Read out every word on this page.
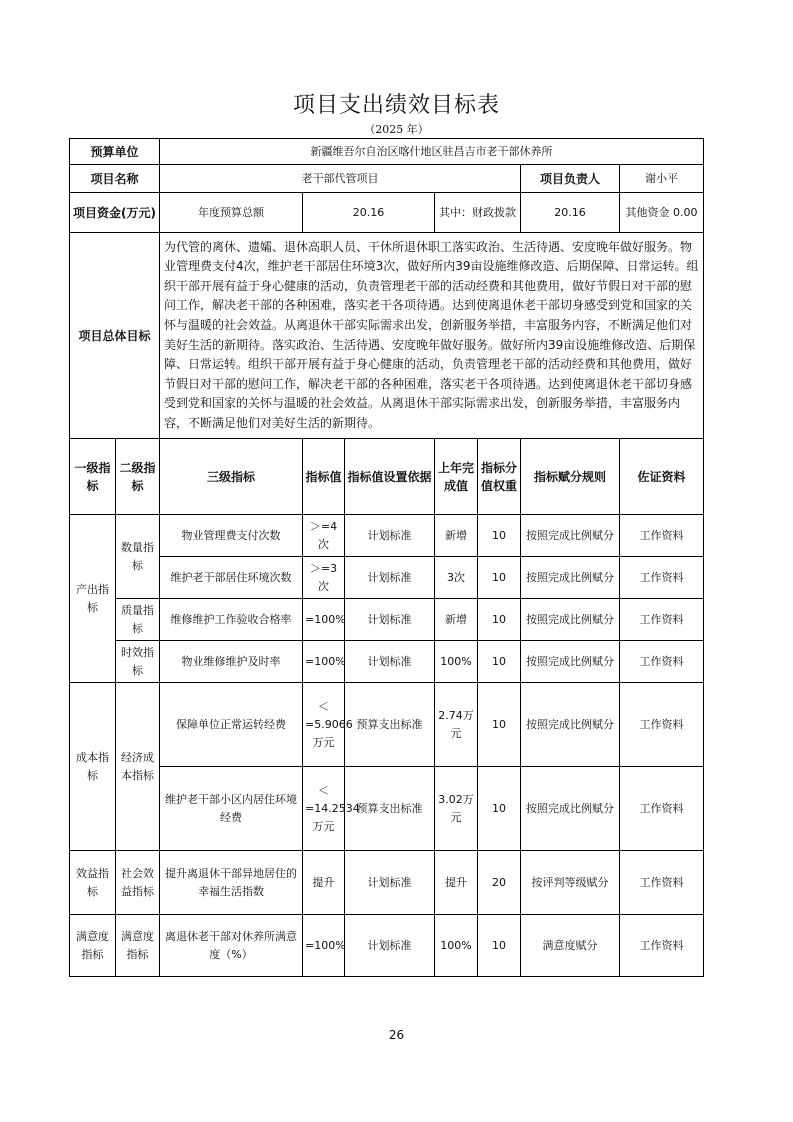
项目支出绩效目标表
（2025 年）
预算单位		新疆维吾尔自治区喀什地区驻昌吉市老干部休养所						
项目名称		老干部代管项目					项目负责人	谢小平
项目资金(万元)		年度预算总额	20.16		其中：财政拨款		20.16	其他资金 0.00
项目总体目标		为代管的离休、遗孀、退休高职人员、干休所退休职工落实政治、生活待遇、安度晚年做好服务。物业管理费支付4次，维护老干部居住环境3次，做好所内39亩设施维修改造、后期保障、日常运转。组织干部开展有益于身心健康的活动，负责管理老干部的活动经费和其他费用，做好节假日对干部的慰问工作，解决老干部的各种困难，落实老干各项待遇。达到使离退休老干部切身感受到党和国家的关怀与温暖的社会效益。从离退休干部实际需求出发，创新服务举措，丰富服务内容，不断满足他们对美好生活的新期待。落实政治、生活待遇、安度晚年做好服务。做好所内39亩设施维修改造、后期保障、日常运转。组织干部开展有益于身心健康的活动，负责管理老干部的活动经费和其他费用，做好节假日对干部的慰问工作，解决老干部的各种困难，落实老干各项待遇。达到使离退休老干部切身感受到党和国家的关怀与温暖的社会效益。从离退休干部实际需求出发，创新服务举措，丰富服务内容，不断满足他们对美好生活的新期待。						
一级指标	二级指标	三级指标	指标值	指标值设置依据	上年完成值	指标分值权重	指标赋分规则	佐证资料
产出指标	数量指标	物业管理费支付次数	＞=4次	计划标准	新增	10	按照完成比例赋分	工作资料
		维护老干部居住环境次数	＞=3次	计划标准	3次	10	按照完成比例赋分	工作资料
	质量指标	维修维护工作验收合格率	=100%	计划标准	新增	10	按照完成比例赋分	工作资料
	时效指标	物业维修维护及时率	=100%	计划标准	100%	10	按照完成比例赋分	工作资料
成本指标	经济成本指标	保障单位正常运转经费	＜=5.9066万元	预算支出标准	2.74万元	10	按照完成比例赋分	工作资料
		维护老干部小区内居住环境经费	＜=14.2534万元	预算支出标准	3.02万元	10	按照完成比例赋分	工作资料
效益指标	社会效益指标	提升离退休干部异地居住的幸福生活指数	提升	计划标准	提升	20	按评判等级赋分	工作资料
满意度指标	满意度指标	离退休老干部对休养所满意度（%）	=100%	计划标准	100%	10	满意度赋分	工作资料
26
